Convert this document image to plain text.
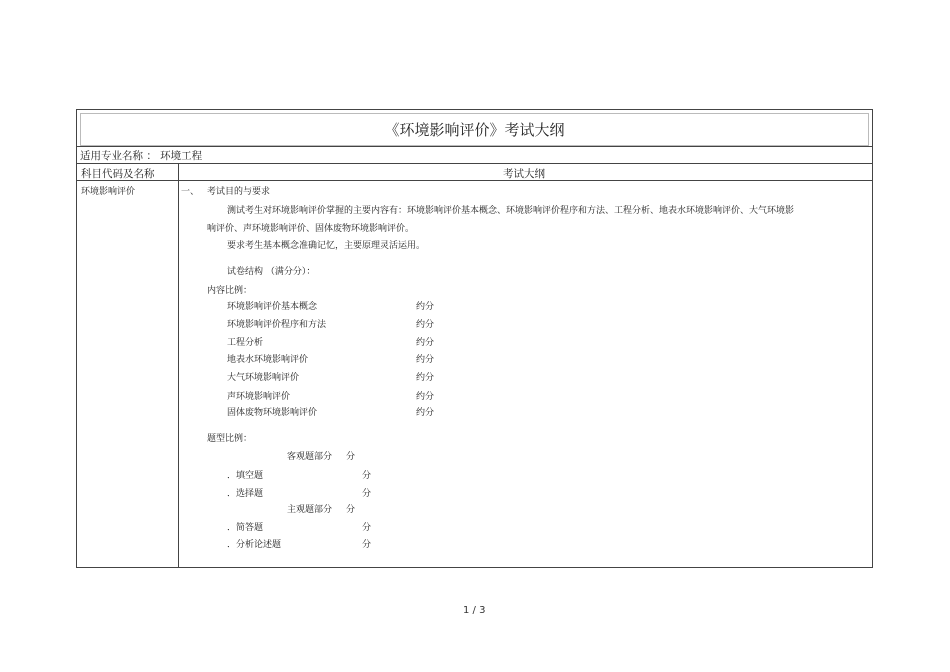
《环境影响评价》考试大纲
适用专业名称 ： 环境工程
科目代码及名称	考试大纲
环境影响评价	一、 考试目的与要求
测试考生对环境影响评价掌握的主要内容有：环境影响评价基本概念、环境影响评价程序和方法、工程分析、地表水环境影响评价、大气环境影
响评价、声环境影响评价、固体废物环境影响评价。
要求考生基本概念准确记忆，主要原理灵活运用。
试卷结构 （满分分）：
内容比例：
环境影响评价基本概念	约分
环境影响评价程序和方法	约分
工程分析	约分
地表水环境影响评价	约分
大气环境影响评价	约分
声环境影响评价	约分
固体废物环境影响评价	约分
题型比例：
客观题部分 分
．填空题	分
．选择题	分
主观题部分 分
．简答题	分
．分析论述题	分
1 / 3
